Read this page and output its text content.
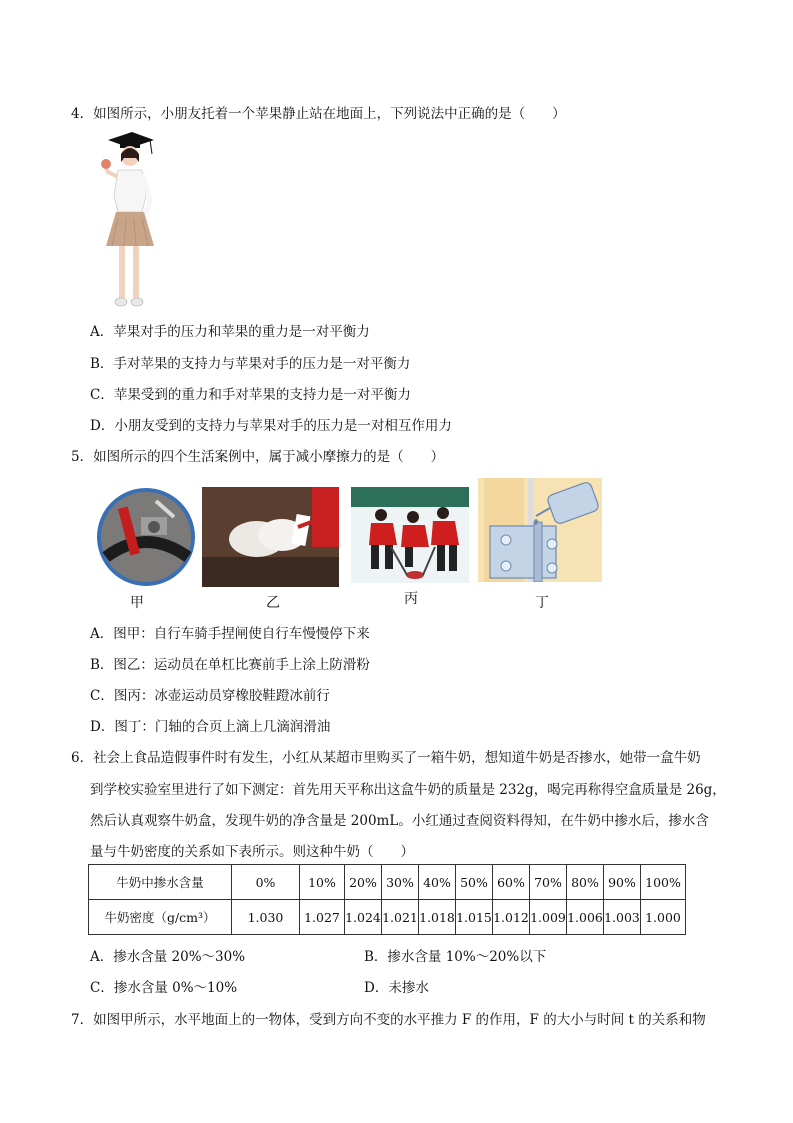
4．如图所示，小朋友托着一个苹果静止站在地面上，下列说法中正确的是（　　）
A．苹果对手的压力和苹果的重力是一对平衡力
B．手对苹果的支持力与苹果对手的压力是一对平衡力
C．苹果受到的重力和手对苹果的支持力是一对平衡力
D．小朋友受到的支持力与苹果对手的压力是一对相互作用力
5．如图所示的四个生活案例中，属于减小摩擦力的是（　　）
甲	乙	丙	丁
A．图甲：自行车骑手捏闸使自行车慢慢停下来
B．图乙：运动员在单杠比赛前手上涂上防滑粉
C．图丙：冰壶运动员穿橡胶鞋蹬冰前行
D．图丁：门轴的合页上滴上几滴润滑油
6．社会上食品造假事件时有发生，小红从某超市里购买了一箱牛奶，想知道牛奶是否掺水，她带一盒牛奶
到学校实验室里进行了如下测定：首先用天平称出这盒牛奶的质量是 232g，喝完再称得空盒质量是 26g，
然后认真观察牛奶盒，发现牛奶的净含量是 200mL。小红通过查阅资料得知，在牛奶中掺水后，掺水含
量与牛奶密度的关系如下表所示。则这种牛奶（　　）
牛奶中掺水含量	0%	10%	20%	30%	40%	50%	60%	70%	80%	90%	100%
牛奶密度（g/cm³）	1.030	1.027	1.024	1.021	1.018	1.015	1.012	1.009	1.006	1.003	1.000
A．掺水含量 20%～30%	B．掺水含量 10%～20%以下
C．掺水含量 0%～10%	D．未掺水
7．如图甲所示，水平地面上的一物体，受到方向不变的水平推力 F 的作用，F 的大小与时间 t 的关系和物
